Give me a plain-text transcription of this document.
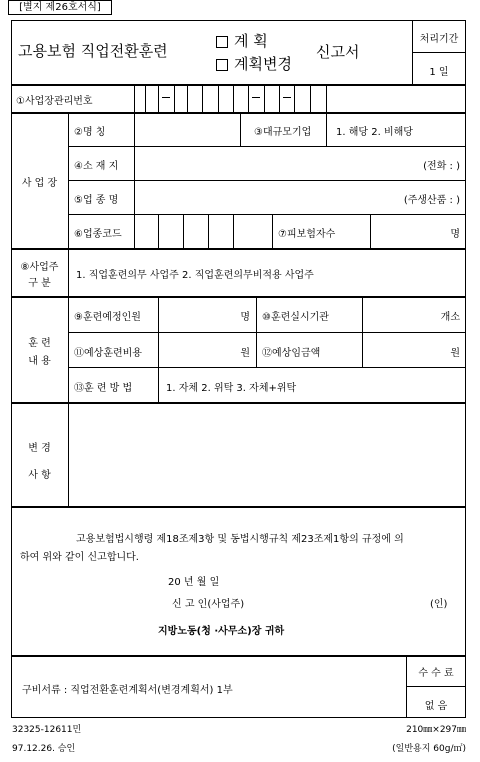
[별지 제26호서식]
고용보험 직업전환훈련
계 획
계획변경
신고서
처리기간
1 일
①사업장관리번호
사 업 장
②명 칭	③대규모기업 1. 해당 2. 비해당
④소 재 지	(전화 : )
⑤업 종 명	(주생산품 : )
⑥업종코드	⑦피보험자수	명
⑧사업주
구 분
1. 직업훈련의무 사업주 2. 직업훈련의무비적용 사업주
훈 련
내 용
⑨훈련예정인원	명 ⑩훈련실시기관	개소
⑪예상훈련비용	원 ⑫예상임금액	원
⑬훈 련 방 법	1. 자체 2. 위탁 3. 자체+위탁
변 경
사 항
고용보험법시행령 제18조제3항 및 동법시행규칙 제23조제1항의 규정에 의
하여 위와 같이 신고합니다.
20 년 월 일
신 고 인(사업주)	(인)
지방노동(청 ·사무소)장 귀하
구비서류 : 직업전환훈련계획서(변경계획서) 1부
수 수 료
없 음
32325-12611민
97.12.26. 승인
210㎜×297㎜
(일반용지 60g/㎡)
